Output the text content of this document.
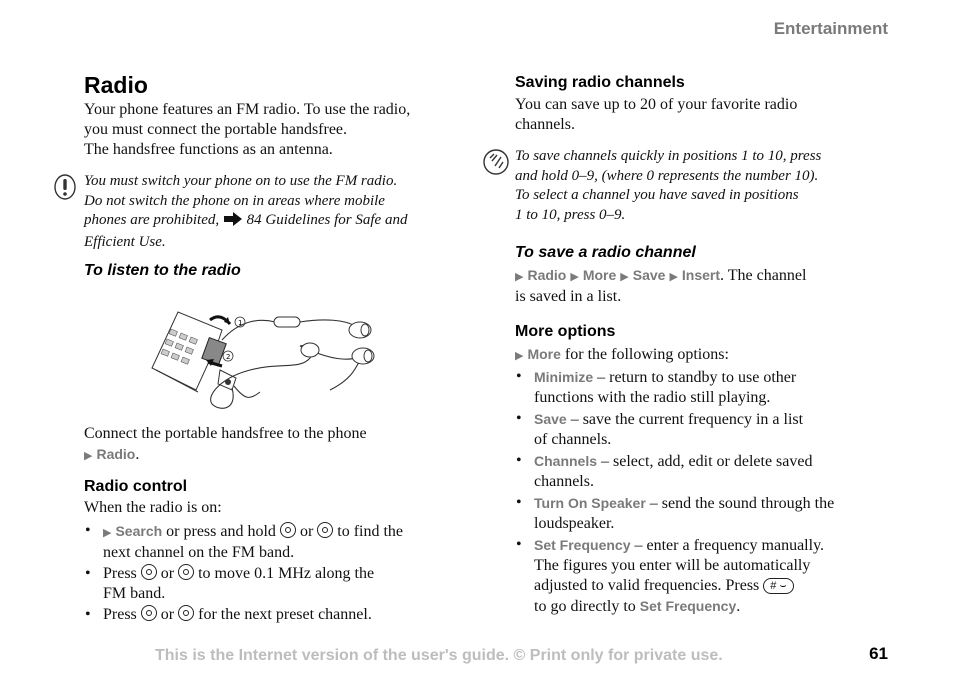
Entertainment
Radio
Your phone features an FM radio. To use the radio,
you must connect the portable handsfree.
The handsfree functions as an antenna.
You must switch your phone on to use the FM radio.
Do not switch the phone on in areas where mobile
phones are prohibited, 84 Guidelines for Safe and
Efficient Use.
To listen to the radio
1
2
Connect the portable handsfree to the phone
▶ Radio.
Radio control
When the radio is on:
• ▶ Search or press and hold or to find the
next channel on the FM band.
• Press or to move 0.1 MHz along the
FM band.
• Press or for the next preset channel.
Saving radio channels
You can save up to 20 of your favorite radio
channels.
To save channels quickly in positions 1 to 10, press
and hold 0–9, (where 0 represents the number 10).
To select a channel you have saved in positions
1 to 10, press 0–9.
To save a radio channel
▶ Radio ▶ More ▶ Save ▶ Insert. The channel
is saved in a list.
More options
▶ More for the following options:
• Minimize – return to standby to use other
functions with the radio still playing.
• Save – save the current frequency in a list
of channels.
• Channels – select, add, edit or delete saved
channels.
• Turn On Speaker – send the sound through the
loudspeaker.
• Set Frequency – enter a frequency manually.
The figures you enter will be automatically
adjusted to valid frequencies. Press # ⌣
to go directly to Set Frequency.
This is the Internet version of the user's guide. © Print only for private use.	61
